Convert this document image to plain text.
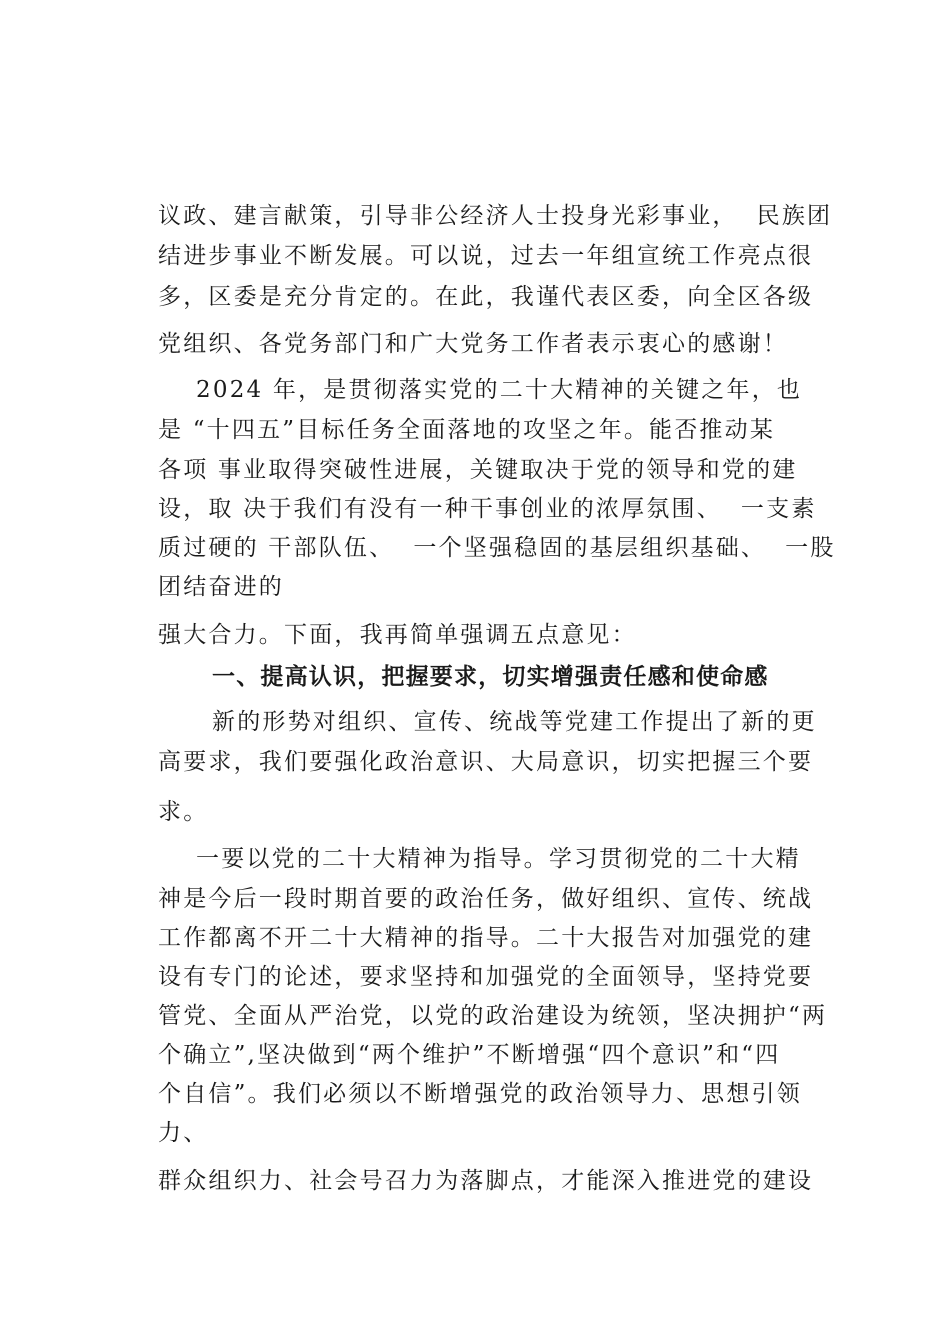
议政、建言献策，引导非公经济人士投身光彩事业，  民族团
结进步事业不断发展。可以说，过去一年组宣统工作亮点很
多，区委是充分肯定的。在此，我谨代表区委，向全区各级
党组织、各党务部门和广大党务工作者表示衷心的感谢！
2024 年，是贯彻落实党的二十大精神的关键之年，也
是 “十四五”目标任务全面落地的攻坚之年。能否推动某
各项 事业取得突破性进展，关键取决于党的领导和党的建
设，取 决于我们有没有一种干事创业的浓厚氛围、  一支素
质过硬的 干部队伍、  一个坚强稳固的基层组织基础、  一股
团结奋进的
强大合力。下面，我再简单强调五点意见：
一、提高认识，把握要求，切实增强责任感和使命感
新的形势对组织、宣传、统战等党建工作提出了新的更
高要求，我们要强化政治意识、大局意识，切实把握三个要
求。
一要以党的二十大精神为指导。学习贯彻党的二十大精
神是今后一段时期首要的政治任务，做好组织、宣传、统战
工作都离不开二十大精神的指导。二十大报告对加强党的建
设有专门的论述，要求坚持和加强党的全面领导，坚持党要
管党、全面从严治党，以党的政治建设为统领，坚决拥护“两
个确立”,坚决做到“两个维护”不断增强“四个意识”和“四
个自信”。我们必须以不断增强党的政治领导力、思想引领
力、
群众组织力、社会号召力为落脚点，才能深入推进党的建设
